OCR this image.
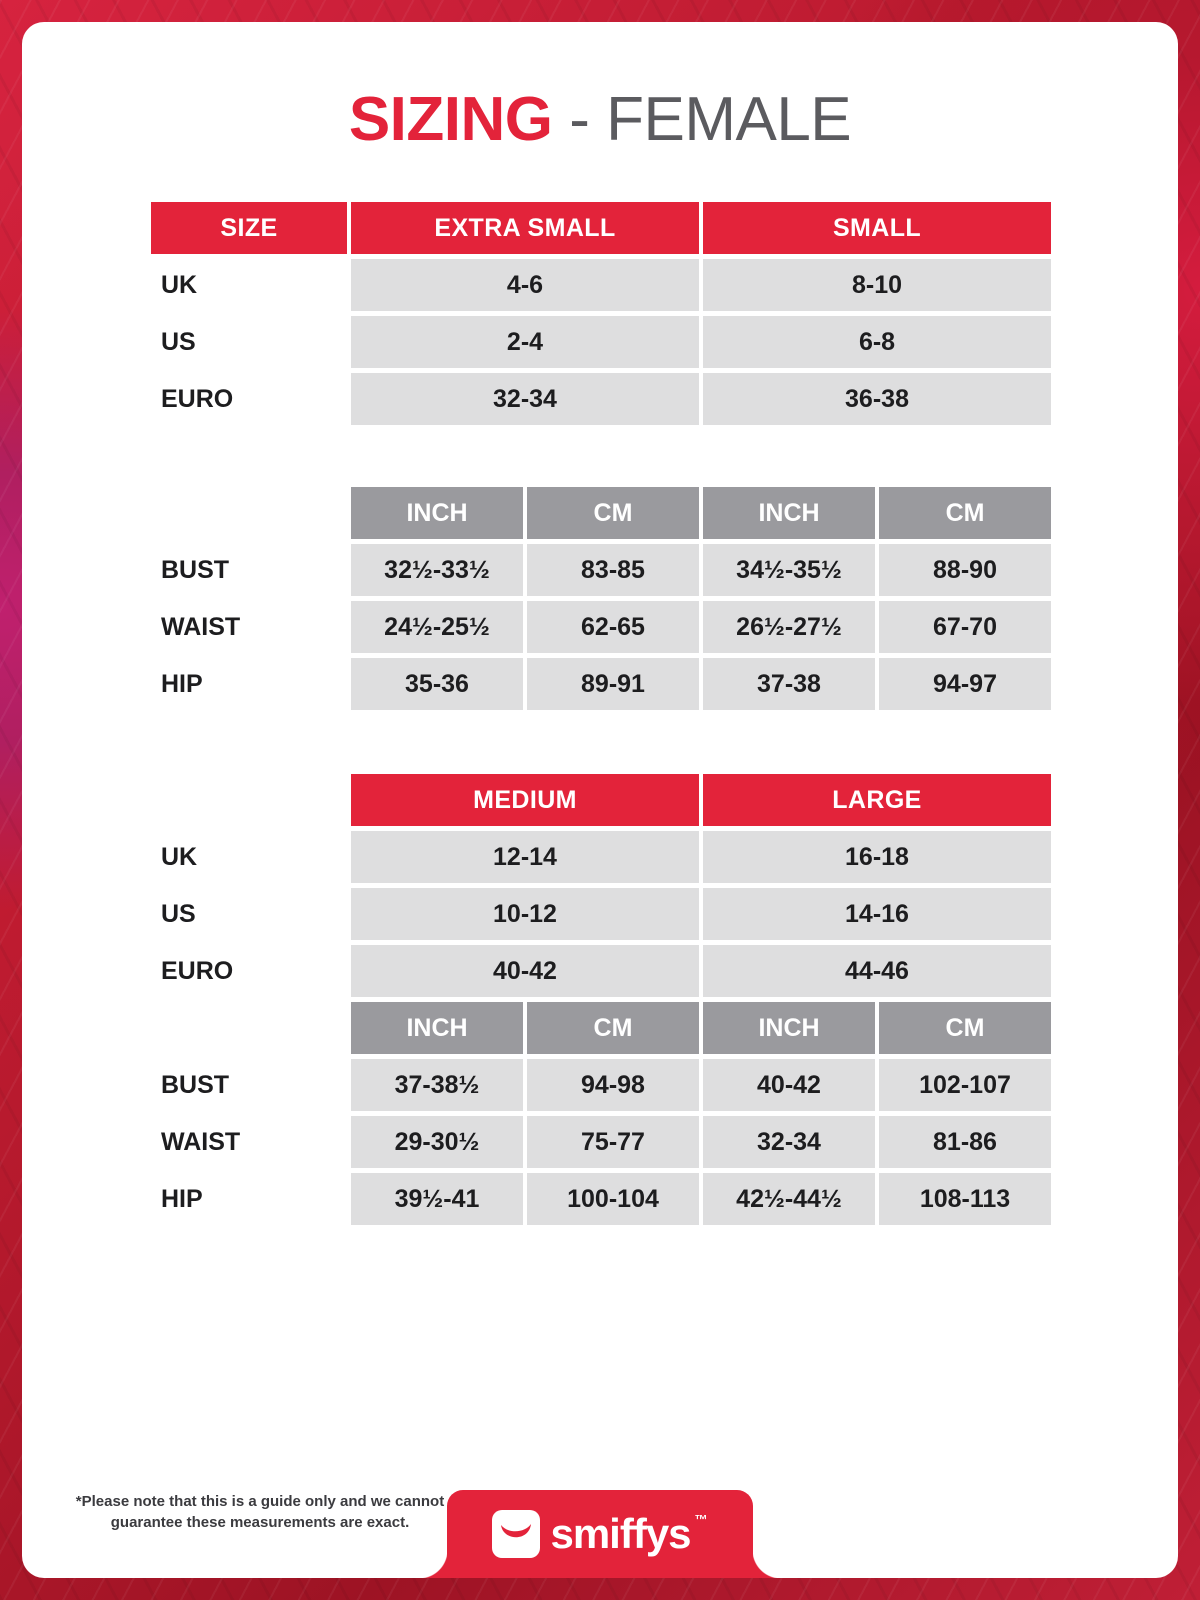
SIZING - FEMALE
SIZE	EXTRA SMALL		SMALL	
UK	4-6		8-10	
US	2-4		6-8	
EURO	32-34		36-38	

	INCH	CM	INCH	CM
BUST	32½-33½	83-85	34½-35½	88-90
WAIST	24½-25½	62-65	26½-27½	67-70
HIP	35-36	89-91	37-38	94-97
	MEDIUM		LARGE	
UK	12-14		16-18	
US	10-12		14-16	
EURO	40-42		44-46	
	INCH	CM	INCH	CM
BUST	37-38½	94-98	40-42	102-107
WAIST	29-30½	75-77	32-34	81-86
HIP	39½-41	100-104	42½-44½	108-113
*Please note that this is a guide only and we cannot guarantee these measurements are exact.	smiffys ™
